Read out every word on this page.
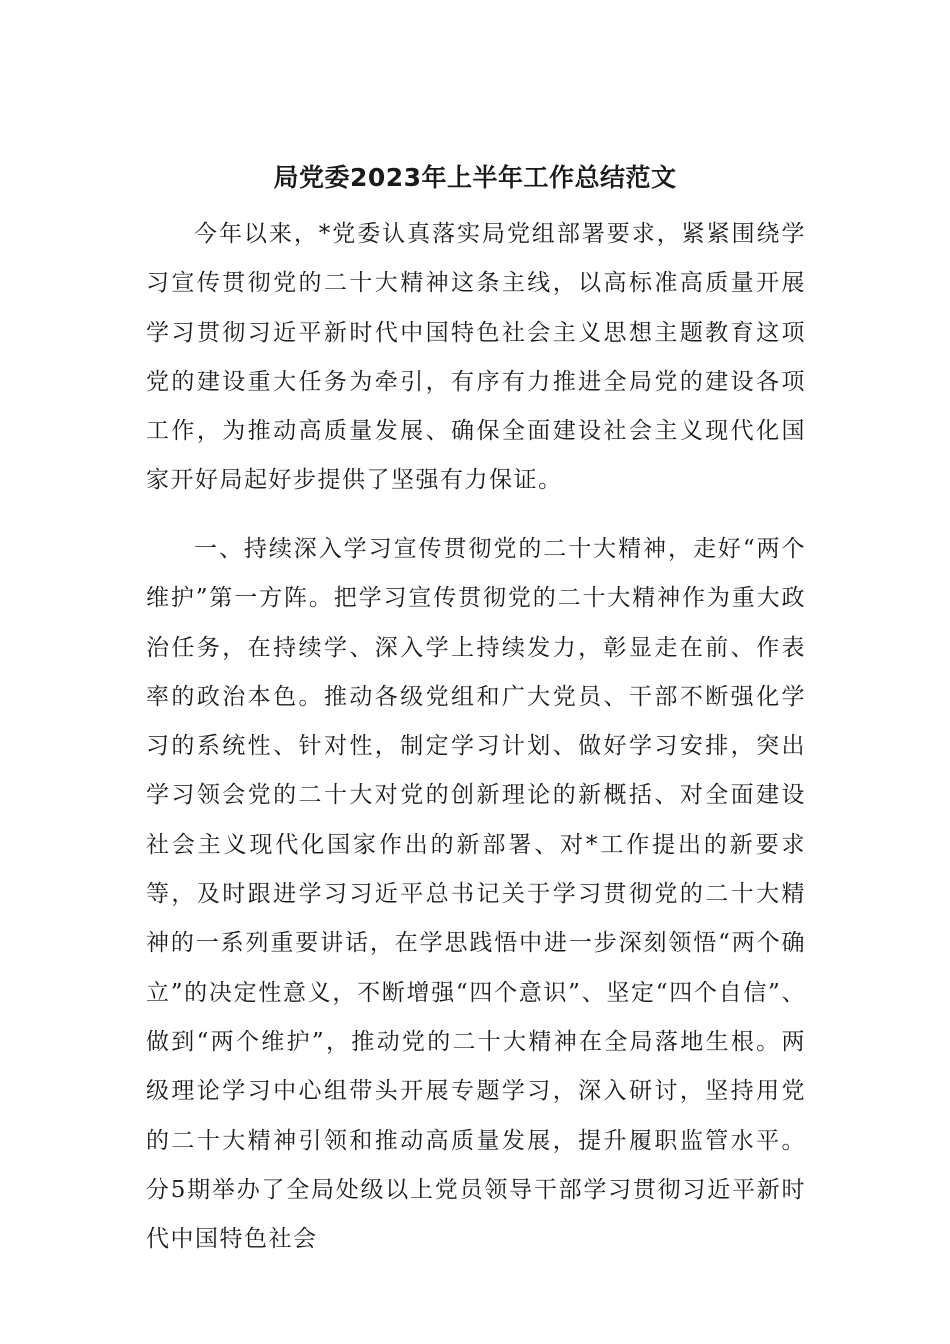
局党委2023年上半年工作总结范文

今年以来，*党委认真落实局党组部署要求，紧紧围绕学习宣传贯彻党的二十大精神这条主线，以高标准高质量开展学习贯彻习近平新时代中国特色社会主义思想主题教育这项党的建设重大任务为牵引，有序有力推进全局党的建设各项工作，为推动高质量发展、确保全面建设社会主义现代化国家开好局起好步提供了坚强有力保证。

一、持续深入学习宣传贯彻党的二十大精神，走好“两个维护”第一方阵。把学习宣传贯彻党的二十大精神作为重大政治任务，在持续学、深入学上持续发力，彰显走在前、作表率的政治本色。推动各级党组和广大党员、干部不断强化学习的系统性、针对性，制定学习计划、做好学习安排，突出学习领会党的二十大对党的创新理论的新概括、对全面建设社会主义现代化国家作出的新部署、对*工作提出的新要求等，及时跟进学习习近平总书记关于学习贯彻党的二十大精神的一系列重要讲话，在学思践悟中进一步深刻领悟“两个确立”的决定性意义，不断增强“四个意识”、坚定“四个自信”、做到“两个维护”，推动党的二十大精神在全局落地生根。两级理论学习中心组带头开展专题学习，深入研讨，坚持用党的二十大精神引领和推动高质量发展，提升履职监管水平。分5期举办了全局处级以上党员领导干部学习贯彻习近平新时代中国特色社会
